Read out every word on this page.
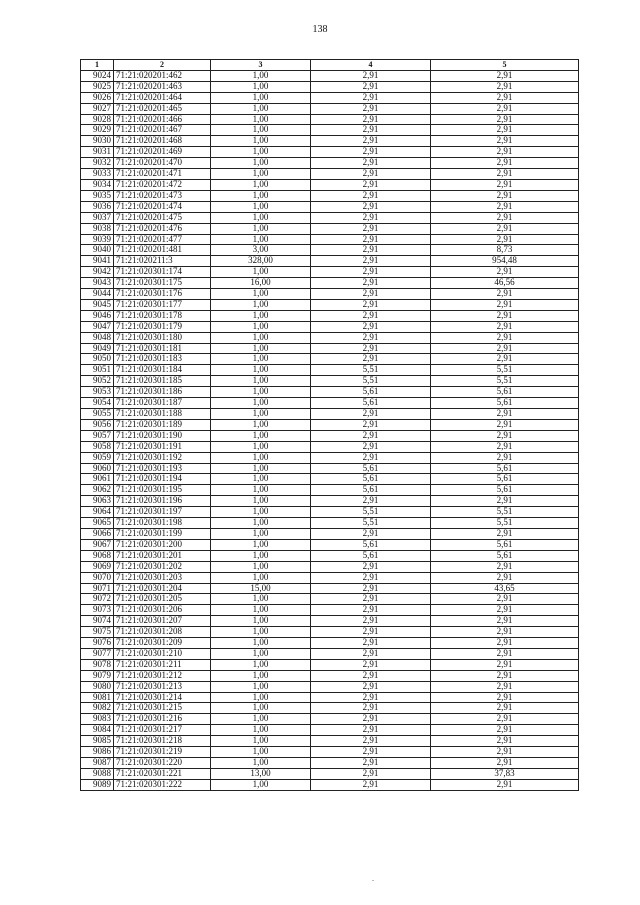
138
1	2	3	4	5
9024	71:21:020201:462	1,00	2,91	2,91
9025	71:21:020201:463	1,00	2,91	2,91
9026	71:21:020201:464	1,00	2,91	2,91
9027	71:21:020201:465	1,00	2,91	2,91
9028	71:21:020201:466	1,00	2,91	2,91
9029	71:21:020201:467	1,00	2,91	2,91
9030	71:21:020201:468	1,00	2,91	2,91
9031	71:21:020201:469	1,00	2,91	2,91
9032	71:21:020201:470	1,00	2,91	2,91
9033	71:21:020201:471	1,00	2,91	2,91
9034	71:21:020201:472	1,00	2,91	2,91
9035	71:21:020201:473	1,00	2,91	2,91
9036	71:21:020201:474	1,00	2,91	2,91
9037	71:21:020201:475	1,00	2,91	2,91
9038	71:21:020201:476	1,00	2,91	2,91
9039	71:21:020201:477	1,00	2,91	2,91
9040	71:21:020201:481	3,00	2,91	8,73
9041	71:21:020211:3	328,00	2,91	954,48
9042	71:21:020301:174	1,00	2,91	2,91
9043	71:21:020301:175	16,00	2,91	46,56
9044	71:21:020301:176	1,00	2,91	2,91
9045	71:21:020301:177	1,00	2,91	2,91
9046	71:21:020301:178	1,00	2,91	2,91
9047	71:21:020301:179	1,00	2,91	2,91
9048	71:21:020301:180	1,00	2,91	2,91
9049	71:21:020301:181	1,00	2,91	2,91
9050	71:21:020301:183	1,00	2,91	2,91
9051	71:21:020301:184	1,00	5,51	5,51
9052	71:21:020301:185	1,00	5,51	5,51
9053	71:21:020301:186	1,00	5,61	5,61
9054	71:21:020301:187	1,00	5,61	5,61
9055	71:21:020301:188	1,00	2,91	2,91
9056	71:21:020301:189	1,00	2,91	2,91
9057	71:21:020301:190	1,00	2,91	2,91
9058	71:21:020301:191	1,00	2,91	2,91
9059	71:21:020301:192	1,00	2,91	2,91
9060	71:21:020301:193	1,00	5,61	5,61
9061	71:21:020301:194	1,00	5,61	5,61
9062	71:21:020301:195	1,00	5,61	5,61
9063	71:21:020301:196	1,00	2,91	2,91
9064	71:21:020301:197	1,00	5,51	5,51
9065	71:21:020301:198	1,00	5,51	5,51
9066	71:21:020301:199	1,00	2,91	2,91
9067	71:21:020301:200	1,00	5,61	5,61
9068	71:21:020301:201	1,00	5,61	5,61
9069	71:21:020301:202	1,00	2,91	2,91
9070	71:21:020301:203	1,00	2,91	2,91
9071	71:21:020301:204	15,00	2,91	43,65
9072	71:21:020301:205	1,00	2,91	2,91
9073	71:21:020301:206	1,00	2,91	2,91
9074	71:21:020301:207	1,00	2,91	2,91
9075	71:21:020301:208	1,00	2,91	2,91
9076	71:21:020301:209	1,00	2,91	2,91
9077	71:21:020301:210	1,00	2,91	2,91
9078	71:21:020301:211	1,00	2,91	2,91
9079	71:21:020301:212	1,00	2,91	2,91
9080	71:21:020301:213	1,00	2,91	2,91
9081	71:21:020301:214	1,00	2,91	2,91
9082	71:21:020301:215	1,00	2,91	2,91
9083	71:21:020301:216	1,00	2,91	2,91
9084	71:21:020301:217	1,00	2,91	2,91
9085	71:21:020301:218	1,00	2,91	2,91
9086	71:21:020301:219	1,00	2,91	2,91
9087	71:21:020301:220	1,00	2,91	2,91
9088	71:21:020301:221	13,00	2,91	37,83
9089	71:21:020301:222	1,00	2,91	2,91
